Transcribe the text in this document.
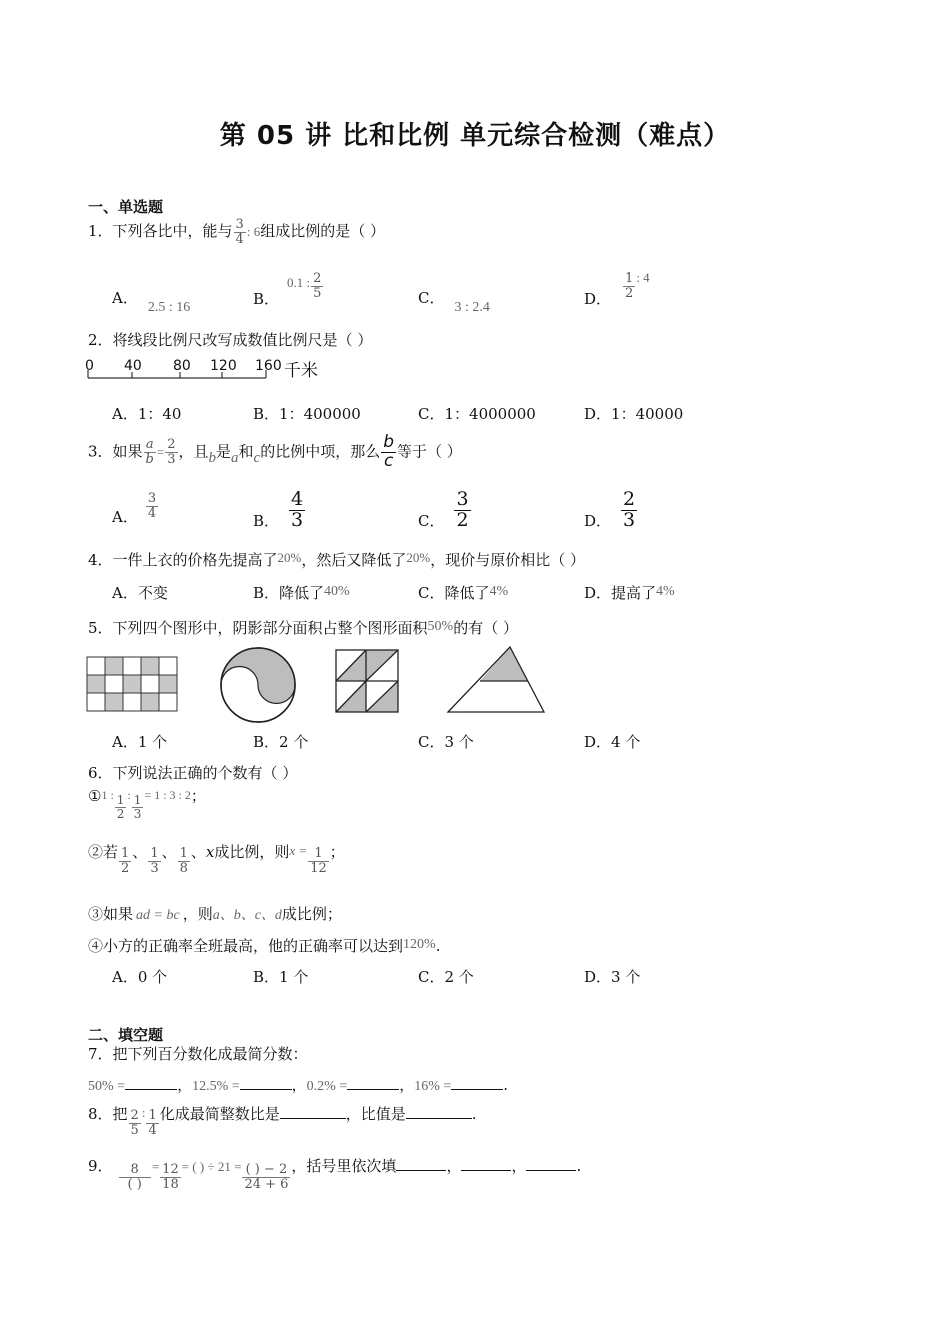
第 05 讲 比和比例 单元综合检测（难点）
一、单选题
1．下列各比中，能与 $\frac{3}{4}$ : 6组成比例的是（ ）
A．2.5 : 16	B．0.1 : $\frac{2}{5}$	C．3 : 2.4	D． $\frac{1}{2}$ : 4
2．将线段比例尺改写成数值比例尺是（ ）
0 40 80 120 160 千米
A．1：40	B．1：400000	C．1：4000000	D．1：40000
3．如果 $\frac{a}{b} = \frac{2}{3}$ ，且b是a和c的比例中项，那么 $\frac{b}{c}$ 等于（ ）
A． $\frac{3}{4}$
B． $\frac{4}{3}$	C． $\frac{3}{2}$	D． $\frac{2}{3}$
4．一件上衣的价格先提高了20%，然后又降低了20%，现价与原价相比（ ）
A．不变	B．降低了40%	C．降低了4%	D．提高了4%
5．下列四个图形中，阴影部分面积占整个图形面积50%的有（ ）
A．1 个	B．2 个	C．3 个	D．4 个
6．下列说法正确的个数有（ ）
①$^{1 :}$ $\frac{1}{2} ^: \frac{1}{3} ^{= 1 : 3 : 2}$；
②若 $\frac{1}{2}$ 、 $\frac{1}{3}$ 、 $\frac{1}{8}$ 、x成比例，则$x = \frac{1}{12}$ ；
③如果 ad = bc ，则a、b、c、d成比例；
④小方的正确率全班最高，他的正确率可以达到120%.
A．0 个	B．1 个	C．2 个	D．3 个
二、填空题
7．把下列百分数化成最简分数：
50% =	，12.5% =	，0.2% =	，16% =	.
8．把 $\frac{2}{5}$ : $\frac{1}{4}$ 化成最简整数比是	，比值是	.
9． $\frac{8}{( )} = \frac{12}{18}$ = ( ) ÷ $21 = \frac{( ) - 2}{24 + 6}$ ，括号里依次填	，	，	.
